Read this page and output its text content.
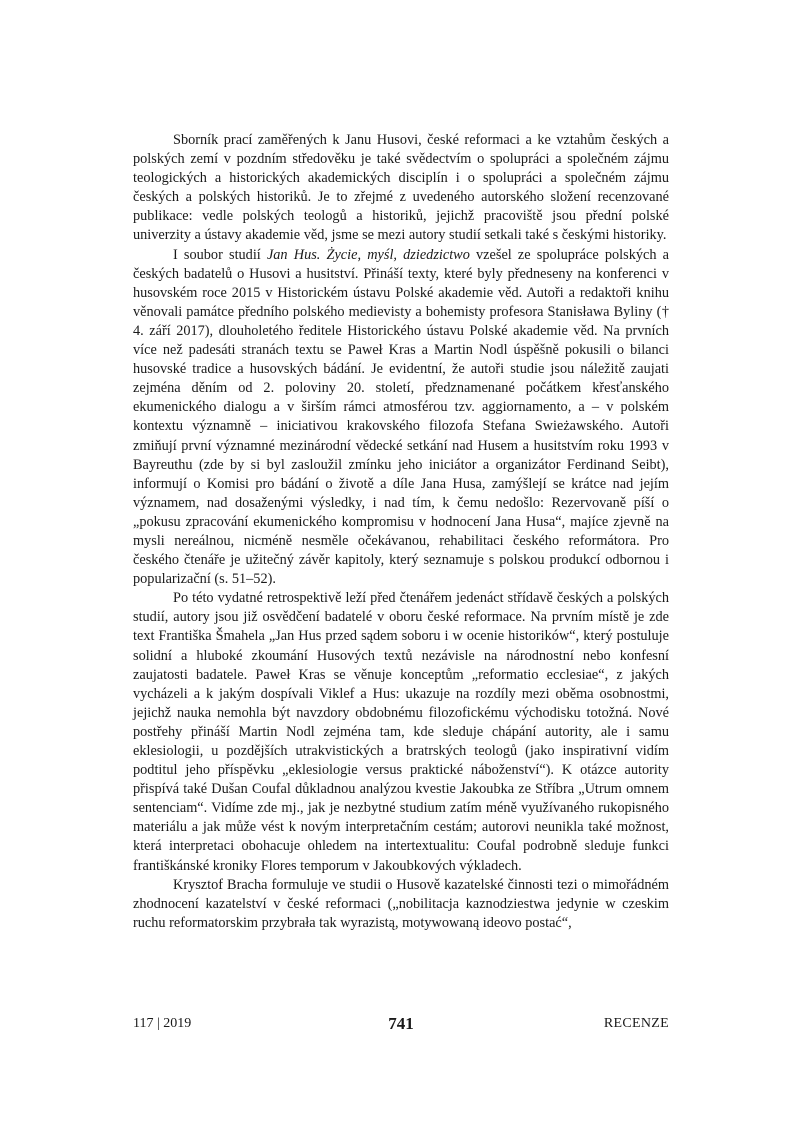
Sborník prací zaměřených k Janu Husovi, české reformaci a ke vztahům českých a polských zemí v pozdním středověku je také svědectvím o spolupráci a společném zájmu teologických a historických akademických disciplín i o spolupráci a společném zájmu českých a polských historiků. Je to zřejmé z uvedeného autorského složení recenzované publikace: vedle polských teologů a historiků, jejichž pracoviště jsou přední polské univerzity a ústavy akademie věd, jsme se mezi autory studií setkali také s českými historiky.

I soubor studií Jan Hus. Życie, myśl, dziedzictwo vzešel ze spolupráce polských a českých badatelů o Husovi a husitství. Přináší texty, které byly předneseny na konferenci v husovském roce 2015 v Historickém ústavu Polské akademie věd. Autoři a redaktoři knihu věnovali památce předního polského medievisty a bohemisty profesora Stanisława Byliny († 4. září 2017), dlouholetého ředitele Historického ústavu Polské akademie věd. Na prvních více než padesáti stranách textu se Paweł Kras a Martin Nodl úspěšně pokusili o bilanci husovské tradice a husovských bádání. Je evidentní, že autoři studie jsou náležitě zaujati zejména děním od 2. poloviny 20. století, předznamenané počátkem křesťanského ekumenického dialogu a v širším rámci atmosférou tzv. aggiornamento, a – v polském kontextu významně – iniciativou krakovského filozofa Stefana Swieżawského. Autoři zmiňují první významné mezinárodní vědecké setkání nad Husem a husitstvím roku 1993 v Bayreuthu (zde by si byl zasloužil zmínku jeho iniciátor a organizátor Ferdinand Seibt), informují o Komisi pro bádání o životě a díle Jana Husa, zamýšlejí se krátce nad jejím významem, nad dosaženými výsledky, i nad tím, k čemu nedošlo: Rezervovaně píší o „pokusu zpracování ekumenického kompromisu v hodnocení Jana Husa“, majíce zjevně na mysli nereálnou, nicméně nesměle očekávanou, rehabilitaci českého reformátora. Pro českého čtenáře je užitečný závěr kapitoly, který seznamuje s polskou produkcí odbornou i popularizační (s. 51–52).

Po této vydatné retrospektivě leží před čtenářem jedenáct střídavě českých a polských studií, autory jsou již osvědčení badatelé v oboru české reformace. Na prvním místě je zde text Františka Šmahela „Jan Hus przed sądem soboru i w ocenie historików“, který postuluje solidní a hluboké zkoumání Husových textů nezávisle na národnostní nebo konfesní zaujatosti badatele. Paweł Kras se věnuje konceptům „reformatio ecclesiae“, z jakých vycházeli a k jakým dospívali Viklef a Hus: ukazuje na rozdíly mezi oběma osobnostmi, jejichž nauka nemohla být navzdory obdobnému filozofickému východisku totožná. Nové postřehy přináší Martin Nodl zejména tam, kde sleduje chápání autority, ale i samu eklesiologii, u pozdějších utrakvistických a bratrských teologů (jako inspirativní vidím podtitul jeho příspěvku „eklesiologie versus praktické náboženství“). K otázce autority přispívá také Dušan Coufal důkladnou analýzou kvestie Jakoubka ze Stříbra „Utrum omnem sentenciam“. Vidíme zde mj., jak je nezbytné studium zatím méně využívaného rukopisného materiálu a jak může vést k novým interpretačním cestám; autorovi neunikla také možnost, která interpretaci obohacuje ohledem na intertextualitu: Coufal podrobně sleduje funkci františkánské kroniky Flores temporum v Jakoubkových výkladech.

Krysztof Bracha formuluje ve studii o Husově kazatelské činnosti tezi o mimořádném zhodnocení kazatelství v české reformaci („nobilitacja kaznodziestwa jedynie w czeskim ruchu reformatorskim przybrała tak wyrazistą, motywowaną ideovo postać“,

117 | 2019	741	RECENZE
